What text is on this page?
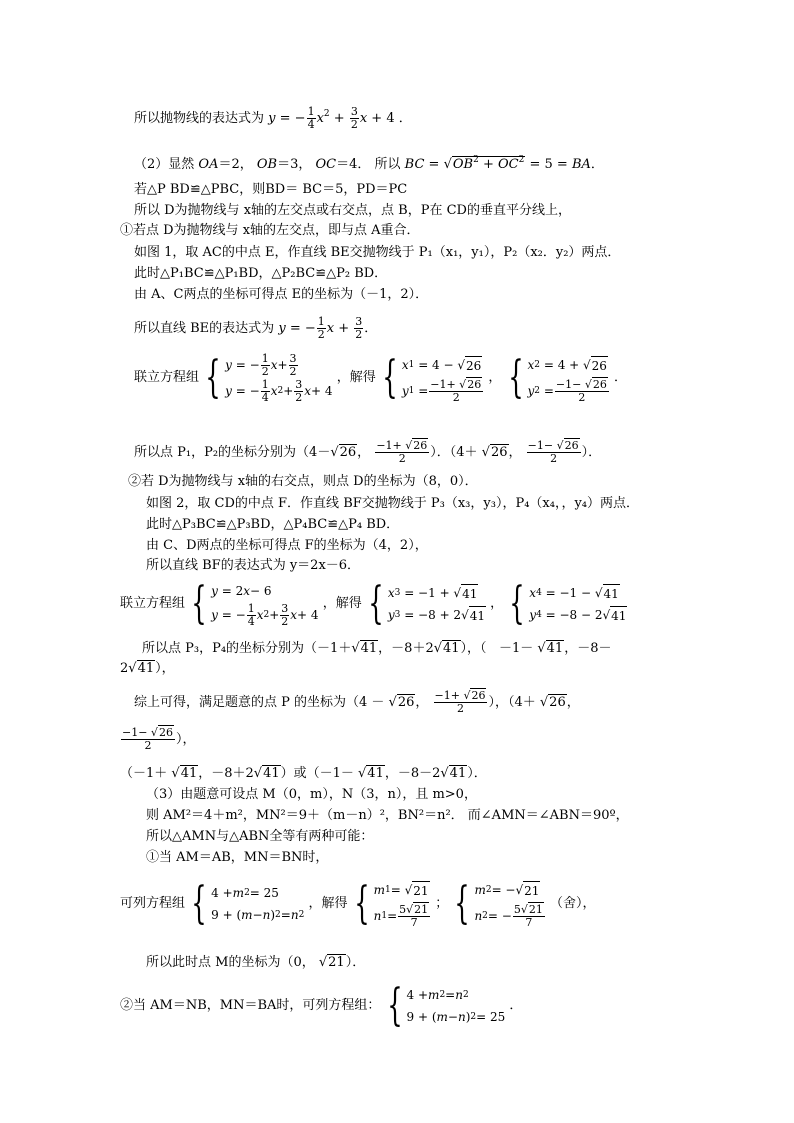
所以抛物线的表达式为 y = − $\frac{1}{4} x^2 + \frac{3}{2}$ x + 4 ．
（2）显然 OA＝2， OB＝3， OC＝4． 所以 BC = $√OB^2 + OC^2 = 5$ = BA．
若△P BD≌△PBC，则BD＝ BC＝5，PD＝PC
所以 D为抛物线与 x轴的左交点或右交点，点 B，P在 CD的垂直平分线上，
①若点 D为抛物线与 x轴的左交点，即与点 A重合．
如图 1，取 AC的中点 E，作直线 BE交抛物线于 P₁（x₁，y₁），P₂（x₂．y₂）两点．
此时△P₁BC≌△P₁BD，△P₂BC≌△P₂ BD．
由 A、C两点的坐标可得点 E的坐标为（－1，2）．
所以直线 BE的表达式为 y = − $\frac{1}{2}$ $x + \frac{3}{2}$ ．
联立方程组 { y = − $\frac{1}{2}$ $x + \frac{3}{2}$
y = − $\frac{1}{4}$ x $2 + \frac{3}{2}$ x + 4
，解得 { x 1 = 4 − √ 26
y $1 = \frac{-1+ √26}{2}$
， { x 2 = 4 + √ 26
y $2 = \frac{-1- √26}{2}$
．
所以点 P₁，P₂的坐标分别为（4－√26， $\frac{-1+ √26}{2}$ ）．（4＋ √26， $\frac{-1- √26}{2}$ ）．
②若 D为抛物线与 x轴的右交点，则点 D的坐标为（8，0）．
如图 2，取 CD的中点 F．作直线 BF交抛物线于 P₃（x₃，y₃），P₄（x₄，，y₄）两点．
此时△P₃BC≌△P₃BD，△P₄BC≌△P₄ BD．
由 C、D两点的坐标可得点 F的坐标为（4，2），
所以直线 BF的表达式为 y＝2x－6．
联立方程组 { y = 2 x − 6
y = − $\frac{1}{4}$ x $2 + \frac{3}{2}$ x + 4
，解得 { x 3 = −1 + √ 41
y 3 = −8 + 2√ 41
， { x 4 = −1 − √ 41
y 4 = −8 − 2√ 41
所以点 P₃，P₄的坐标分别为（－1＋√41，－8＋2√41），（   －1－ √41，－8－
2√41），
综上可得，满足题意的点 P 的坐标为（4 － √26， $\frac{-1+ √26}{2}$ ），（4＋ √26，
$\frac{-1- √26}{2}$ ），
（－1＋ √41，－8＋2√41）或（－1－ √41，－8－2√41）．
（3）由题意可设点 M（0，m），N（3，n），且 m>0，
则 AM²＝4＋m²，MN²＝9＋（m－n）²，BN²＝n²． 而∠AMN＝∠ABN＝90º，
所以△AMN与△ABN全等有两种可能：
①当 AM＝AB，MN＝BN时，
可列方程组 { 4 + m 2 = 25
9 + ( m − n ) 2 = n 2
，解得 { m 1 = √ 21
n $1 = \frac{5√21}{7}$ ； { m 2 = −√ 21
n 2 = − $\frac{5√21}{7}$ （舍），
所以此时点 M的坐标为（0， √21）．
②当 AM＝NB，MN＝BA时，可列方程组： { 4 + m 2 = n 2
9 + ( m − n ) 2 = 25
．
